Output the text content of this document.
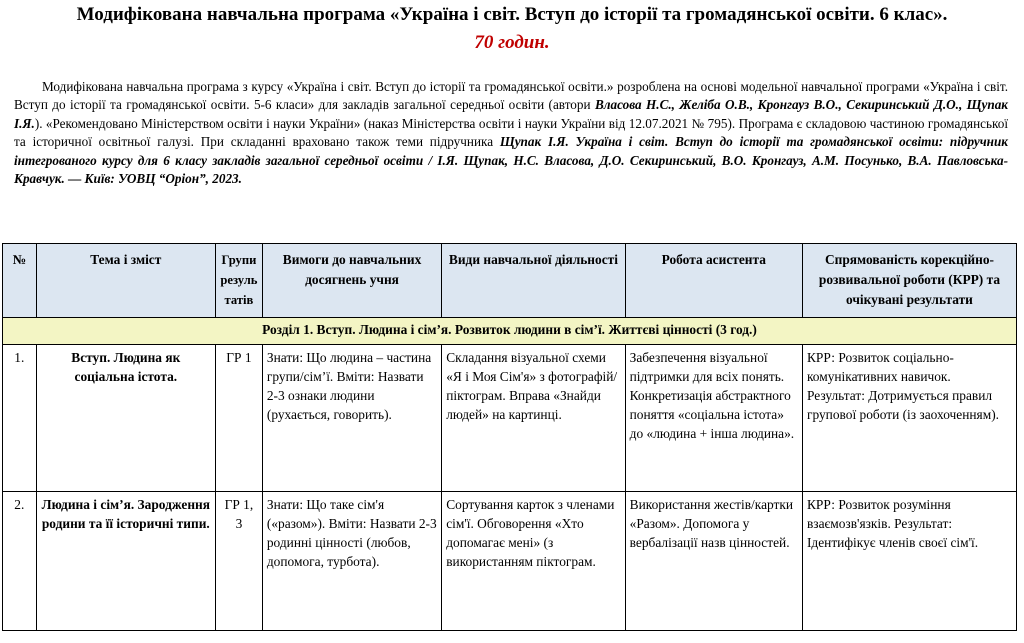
Модифікована навчальна програма «Україна і світ. Вступ до історії та громадянської освіти. 6 клас».
70 годин.
Модифікована навчальна програма з курсу «Україна і світ. Вступ до історії та громадянської освіти.» розроблена на основі модельної навчальної програми «Україна і світ. Вступ до історії та громадянської освіти. 5-6 класи» для закладів загальної середньої освіти (автори Власова Н.С., Желіба О.В., Кронгауз В.О., Секиринський Д.О., Щупак І.Я.). «Рекомендовано Міністерством освіти і науки України» (наказ Міністерства освіти і науки України від 12.07.2021 № 795). Програма є складовою частиною громадянської та історичної освітньої галузі. При складанні враховано також теми підручника Щупак І.Я. Україна і світ. Вступ до історії та громадянської освіти: підручник інтегрованого курсу для 6 класу закладів загальної середньої освіти / І.Я. Щупак, Н.С. Власова, Д.О. Секиринський, В.О. Кронгауз, А.М. Посунько, В.А. Павловська-Кравчук. — Київ: УОВЦ “Оріон”, 2023.
№	Тема і зміст	Групи резуль татів	Вимоги до навчальних досягнень учня	Види навчальної діяльності	Робота асистента	Спрямованість корекційно-розвивальної роботи (КРР) та очікувані результати
Розділ 1. Вступ. Людина і сім’я. Розвиток людини в сім’ї. Життєві цінності (3 год.)						
1.	Вступ. Людина як соціальна істота.	ГР 1	Знати: Що людина – частина групи/сім’ї. Вміти: Назвати 2-3 ознаки людини (рухається, говорить).	Складання візуальної схеми «Я і Моя Сім'я» з фотографій/піктограм. Вправа «Знайди людей» на картинці.	Забезпечення візуальної підтримки для всіх понять. Конкретизація абстрактного поняття «соціальна істота» до «людина + інша людина».	КРР: Розвиток соціально-комунікативних навичок. Результат: Дотримується правил групової роботи (із заохоченням).
2.	Людина і сім’я. Зародження родини та її історичні типи.	ГР 1, 3	Знати: Що таке сім'я («разом»). Вміти: Назвати 2-3 родинні цінності (любов, допомога, турбота).	Сортування карток з членами сім'ї. Обговорення «Хто допомагає мені» (з використанням піктограм.	Використання жестів/картки «Разом». Допомога у вербалізації назв цінностей.	КРР: Розвиток розуміння взаємозв'язків. Результат: Ідентифікує членів своєї сім'ї.
